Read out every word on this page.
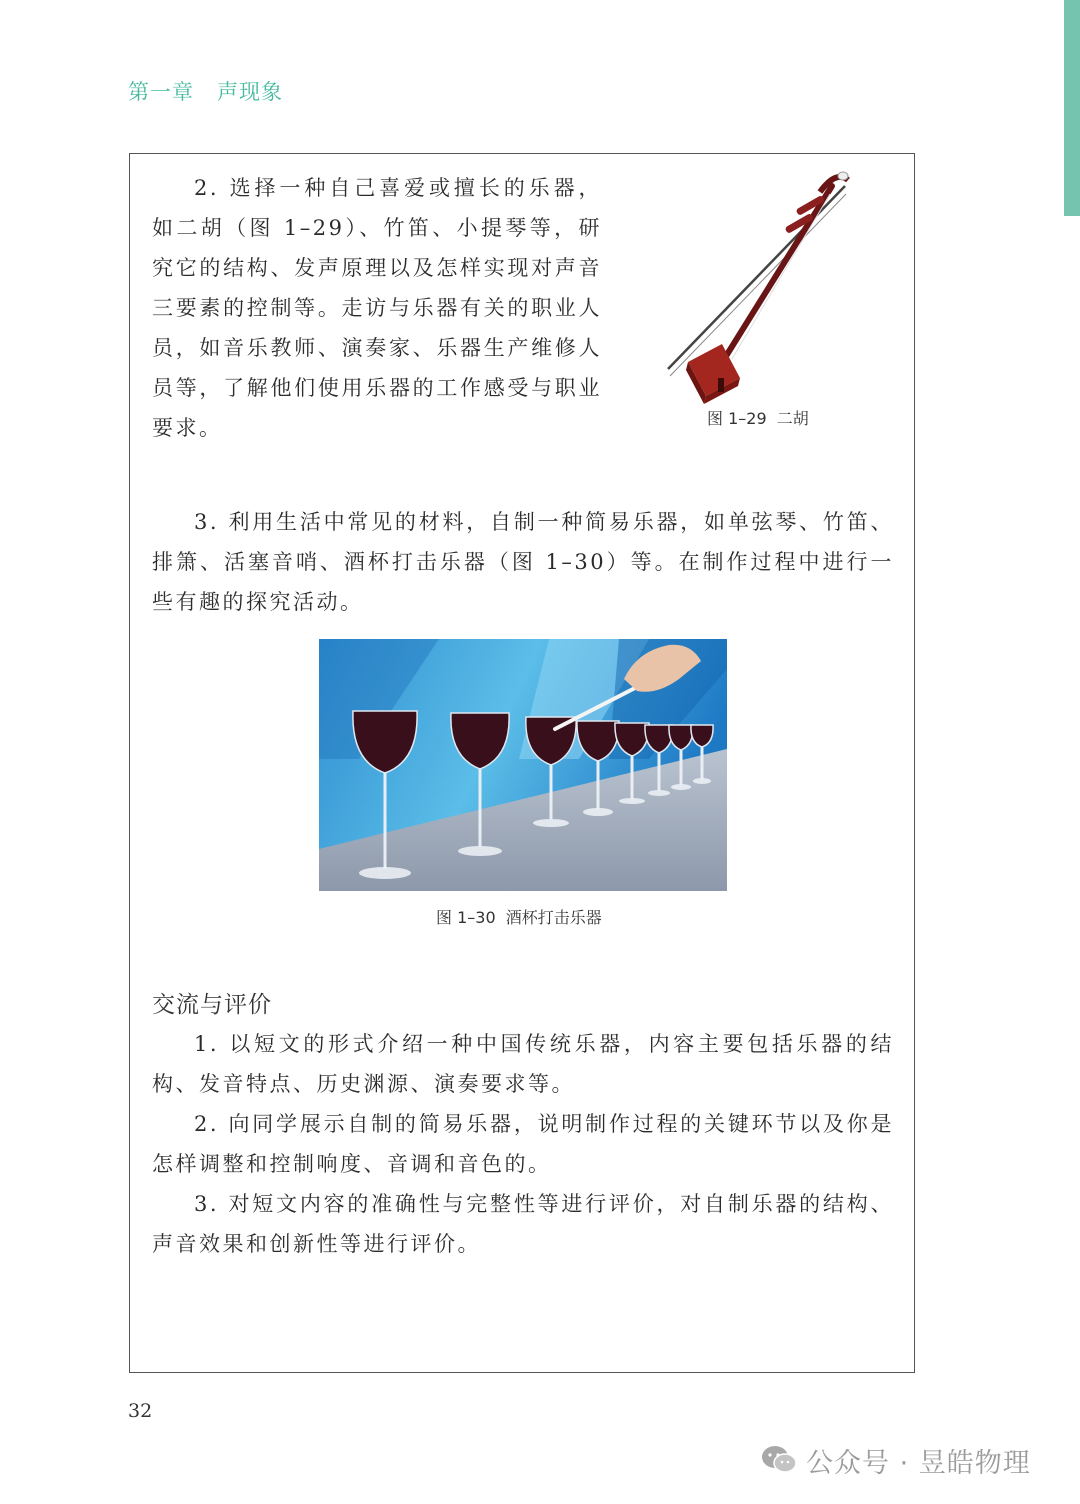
第一章   声现象

2. 选择一种自己喜爱或擅长的乐器，如二胡（图 1–29）、竹笛、小提琴等，研究它的结构、发声原理以及怎样实现对声音三要素的控制等。走访与乐器有关的职业人员，如音乐教师、演奏家、乐器生产维修人员等，了解他们使用乐器的工作感受与职业要求。	图 1–29  二胡

3. 利用生活中常见的材料，自制一种简易乐器，如单弦琴、竹笛、排箫、活塞音哨、酒杯打击乐器（图 1–30）等。在制作过程中进行一些有趣的探究活动。

图 1–30  酒杯打击乐器
交流与评价

1. 以短文的形式介绍一种中国传统乐器，内容主要包括乐器的结构、发音特点、历史渊源、演奏要求等。

2. 向同学展示自制的简易乐器，说明制作过程的关键环节以及你是怎样调整和控制响度、音调和音色的。

3. 对短文内容的准确性与完整性等进行评价，对自制乐器的结构、声音效果和创新性等进行评价。

32
公众号 · 昱皓物理
